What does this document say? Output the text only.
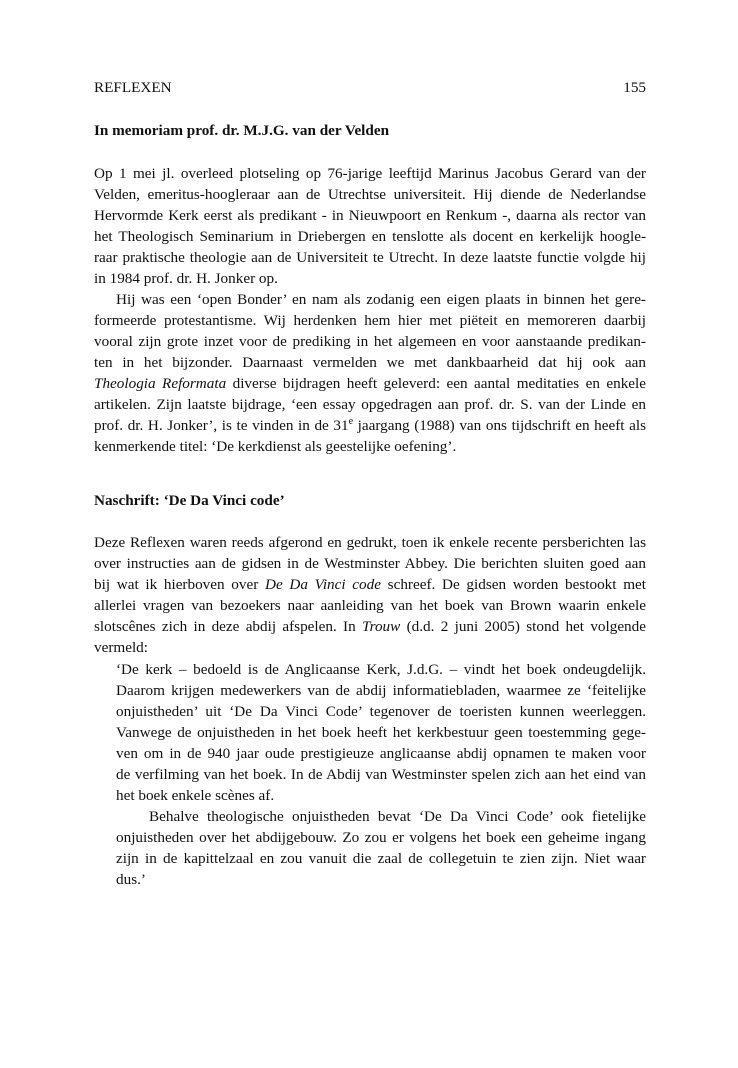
REFLEXEN	155
In memoriam prof. dr. M.J.G. van der Velden
Op 1 mei jl. overleed plotseling op 76-jarige leeftijd Marinus Jacobus Gerard van der
Velden, emeritus-hoogleraar aan de Utrechtse universiteit. Hij diende de Nederlandse
Hervormde Kerk eerst als predikant - in Nieuwpoort en Renkum -, daarna als rector van
het Theologisch Seminarium in Driebergen en tenslotte als docent en kerkelijk hoogle-
raar praktische theologie aan de Universiteit te Utrecht. In deze laatste functie volgde hij
in 1984 prof. dr. H. Jonker op.
Hij was een ‘open Bonder’ en nam als zodanig een eigen plaats in binnen het gere-
formeerde protestantisme. Wij herdenken hem hier met piëteit en memoreren daarbij
vooral zijn grote inzet voor de prediking in het algemeen en voor aanstaande predikan-
ten in het bijzonder. Daarnaast vermelden we met dankbaarheid dat hij ook aan
Theologia Reformata diverse bijdragen heeft geleverd: een aantal meditaties en enkele
artikelen. Zijn laatste bijdrage, ‘een essay opgedragen aan prof. dr. S. van der Linde en
prof. dr. H. Jonker’, is te vinden in de 31e jaargang (1988) van ons tijdschrift en heeft als
kenmerkende titel: ‘De kerkdienst als geestelijke oefening’.
Naschrift: ‘De Da Vinci code’
Deze Reflexen waren reeds afgerond en gedrukt, toen ik enkele recente persberichten las
over instructies aan de gidsen in de Westminster Abbey. Die berichten sluiten goed aan
bij wat ik hierboven over De Da Vinci code schreef. De gidsen worden bestookt met
allerlei vragen van bezoekers naar aanleiding van het boek van Brown waarin enkele
slotscênes zich in deze abdij afspelen. In Trouw (d.d. 2 juni 2005) stond het volgende
vermeld:
‘De kerk – bedoeld is de Anglicaanse Kerk, J.d.G. – vindt het boek ondeugdelijk.
Daarom krijgen medewerkers van de abdij informatiebladen, waarmee ze ‘feitelijke
onjuistheden’ uit ‘De Da Vinci Code’ tegenover de toeristen kunnen weerleggen.
Vanwege de onjuistheden in het boek heeft het kerkbestuur geen toestemming gege-
ven om in de 940 jaar oude prestigieuze anglicaanse abdij opnamen te maken voor
de verfilming van het boek. In de Abdij van Westminster spelen zich aan het eind van
het boek enkele scènes af.
Behalve theologische onjuistheden bevat ‘De Da Vinci Code’ ook fietelijke
onjuistheden over het abdijgebouw. Zo zou er volgens het boek een geheime ingang
zijn in de kapittelzaal en zou vanuit die zaal de collegetuin te zien zijn. Niet waar
dus.’
